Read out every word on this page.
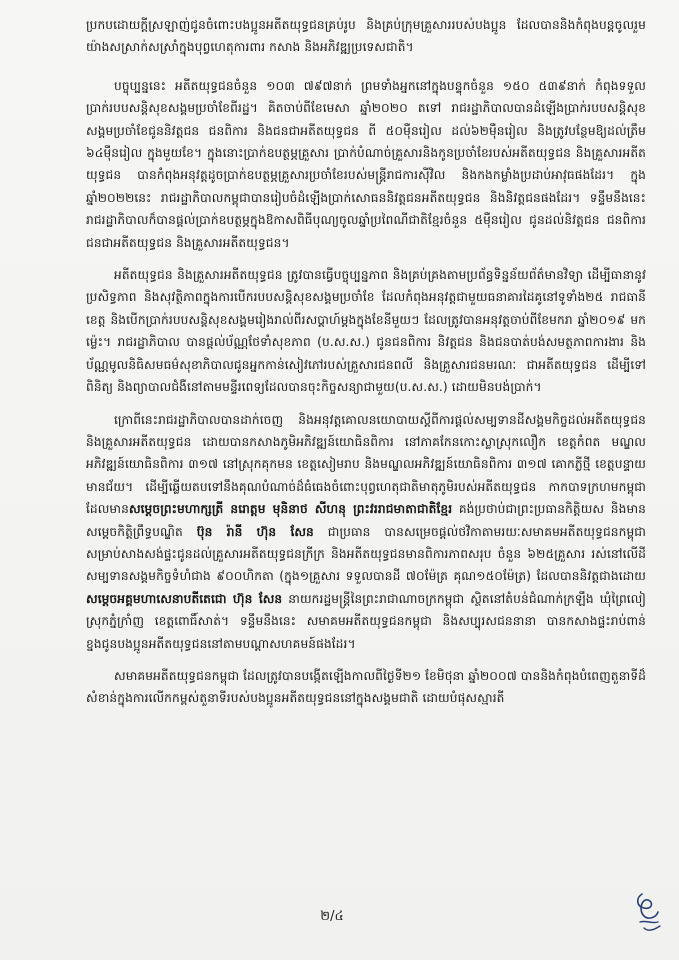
ប្រកបដោយក្ដីស្រឡាញ់ជូនចំពោះបងប្អូនអតីតយុទ្ធជនគ្រប់រូប និងគ្រប់ក្រុមគ្រួសាររបស់បងប្អូន ដែលបាននិងកំពុងបន្តចូលរួមយ៉ាងសស្រាក់សស្រាំក្នុងបុព្វហេតុការពារ កសាង និងអភិវឌ្ឍប្រទេសជាតិ។

បច្ចុប្បន្ននេះ អតីតយុទ្ធជនចំនួន ១០៣ ៧៩៧នាក់ ព្រមទាំងអ្នកនៅក្នុងបន្ទុកចំនួន ១៥០ ៥៣៩នាក់ កំពុងទទួលប្រាក់របបសន្តិសុខសង្គមប្រចាំខែពីរដ្ឋ។ គិតចាប់ពីខែមេសា ឆ្នាំ២០២០ តទៅ រាជរដ្ឋាភិបាលបានដំឡើងប្រាក់របបសន្តិសុខសង្គមប្រចាំខែជូននិវត្តជន ជនពិការ និងជនជាអតីតយុទ្ធជន ពី ៥០ម៉ឺនរៀល ដល់៦២ម៉ឺនរៀល និងត្រូវបន្ថែមឱ្យដល់ត្រឹម ៦៤ម៉ឺនរៀល ក្នុងមួយខែ។ ក្នុងនោះប្រាក់ឧបត្ថម្ភគ្រួសារ ប្រាក់បំណាច់គ្រួសារនិងកូនប្រចាំខែរបស់អតីតយុទ្ធជន និងគ្រួសារអតីតយុទ្ធជន បានកំពុងអនុវត្តដូចប្រាក់ឧបត្ថម្ភគ្រួសារប្រចាំខែរបស់មន្ត្រីរាជការស៊ីវិល និងកងកម្លាំងប្រដាប់អាវុធផងដែរ។ ក្នុងឆ្នាំ២០២២នេះ រាជរដ្ឋាភិបាលកម្ពុជាបានរៀបចំដំឡើងប្រាក់សោធននិវត្តជនអតីតយុទ្ធជន និងនិវត្តជនផងដែរ។ ទន្ទឹមនឹងនេះ រាជរដ្ឋាភិបាលក៏បានផ្ដល់ប្រាក់ឧបត្ថម្ភក្នុងឱកាសពិធីបុណ្យចូលឆ្នាំប្រពៃណីជាតិខ្មែរចំនួន ៥ម៉ឺនរៀល ជូនដល់និវត្តជន ជនពិការ ជនជាអតីតយុទ្ធជន និងគ្រួសារអតីតយុទ្ធជន។

អតីតយុទ្ធជន និងគ្រួសារអតីតយុទ្ធជន ត្រូវបានធ្វើបច្ចុប្បន្នភាព និងគ្រប់គ្រងតាមប្រព័ន្ធទិន្នន័យព័ត៌មានវិទ្យា ដើម្បីធានានូវប្រសិទ្ធភាព និងសុវត្ថិភាពក្នុងការបើករបបសន្តិសុខសង្គមប្រចាំខែ ដែលកំពុងអនុវត្តជាមួយធនាគារដៃគូនៅទូទាំង២៥ រាជធានី ខេត្ត និងបើកប្រាក់របបសន្តិសុខសង្គមរៀងរាល់ពីរសប្ដាហ៍ម្ដងក្នុងខែនីមួយៗ ដែលត្រូវបានអនុវត្តចាប់ពីខែមករា ឆ្នាំ២០១៩ មកម្ល៉េះ។ រាជរដ្ឋាភិបាល បានផ្ដល់ប័ណ្ណថែទាំសុខភាព (ប.ស.ស.) ជូនជនពិការ និវត្តជន និងជនបាត់បង់សមត្ថភាពការងារ និងប័ណ្ណមូលនិធិសមធម៌សុខាភិបាលជូនអ្នកកាន់សៀវភៅរបស់គ្រួសារជនពលី និងគ្រួសារជនមរណៈ ជាអតីតយុទ្ធជន ដើម្បីទៅពិនិត្យ និងព្យាបាលជំងឺនៅតាមមន្ទីរពេទ្យដែលបានចុះកិច្ចសន្យាជាមួយ(ប.ស.ស.) ដោយមិនបង់ប្រាក់។

ក្រោពីនេះរាជរដ្ឋាភិបាលបានដាក់ចេញ និងអនុវត្តគោលនយោបាយស្ដីពីការផ្ដល់សម្បទានដីសង្គមកិច្ចដល់អតីតយុទ្ធជន និងគ្រួសារអតីតយុទ្ធជន ដោយបានកសាងភូមិអភិវឌ្ឍន៍យោធិនពិការ នៅភាគកែនកោះស្លាស្រុកលឿក ខេត្តកំពត មណ្ឌលអភិវឌ្ឍន៍យោធិនពិការ ៣១៧ នៅស្រុកគុកមន ខេត្តសៀមរាប និងមណ្ឌលអភិវឌ្ឍន៍យោធិនពិការ ៣១៧ គោកភ្លីថ្មី ខេត្តបន្ទាយមានជ័យ។ ដើម្បីឆ្លើយតបទៅនឹងគុណបំណាច់ដ៏ធំធេងចំពោះបុព្វហេតុជាតិមាតុភូមិរបស់អតីតយុទ្ធជន កាកបាទក្រហមកម្ពុជា ដែលមានសម្ដេចព្រះមហាក្សត្រី នរោត្តម មុនិនាថ សីហនុ ព្រះវររាជមាតាជាតិខ្មែរ គង់ប្រថាប់ជាព្រះប្រធានកិត្តិយស និងមានសម្ដេចកិត្តិព្រឹទ្ធបណ្ឌិត ប៊ុន រ៉ានី ហ៊ុន សែន ជាប្រធាន បានសម្រេចផ្ដល់ថវិកាតាមរយៈសមាគមអតីតយុទ្ធជនកម្ពុជា សម្រាប់សាងសង់ផ្ទះជូនដល់គ្រួសារអតីតយុទ្ធជនក្រីក្រ និងអតីតយុទ្ធជនមានពិការភាពសរុប ចំនួន ៦២៥គ្រួសារ រស់នៅលើដីសម្បទានសង្គមកិច្ចទំហំជាង ៩០០ហិកតា (ក្នុង១គ្រួសារ ទទួលបានដី ៧០ម៉ែត្រ គុណ១៥០ម៉ែត្រ) ដែលបាននិវត្តជាងដោយសម្ដេចអគ្គមហាសេនាបតីតេជោ ហ៊ុន សែន នាយករដ្ឋមន្ត្រីនៃព្រះរាជាណាចក្រកម្ពុជា ស្ថិតនៅតំបន់ជំណាក់ក្រឡឹង ឃុំព្រៃលៀ ស្រុកភ្នំក្រាំញ ខេត្តពោធិ៍សាត់។ ទន្ទឹមនឹងនេះ សមាគមអតីតយុទ្ធជនកម្ពុជា និងសប្បុរសជននានា បានកសាងផ្ទះរាប់ពាន់ខ្នងជូនបងប្អូនអតីតយុទ្ធជននៅតាមបណ្ដាសហគមន៍ផងដែរ។

សមាគមអតីតយុទ្ធជនកម្ពុជា ដែលត្រូវបានបង្កើតឡើងកាលពីថ្ងៃទី២១ ខែមិថុនា ឆ្នាំ២០០៧ បាននិងកំពុងបំពេញតួនាទីដ៏សំខាន់ក្នុងការលើកកម្ពស់តួនាទីរបស់បងប្អូនអតីតយុទ្ធជននៅក្នុងសង្គមជាតិ ដោយបំផុសស្មារតី

២/៤
